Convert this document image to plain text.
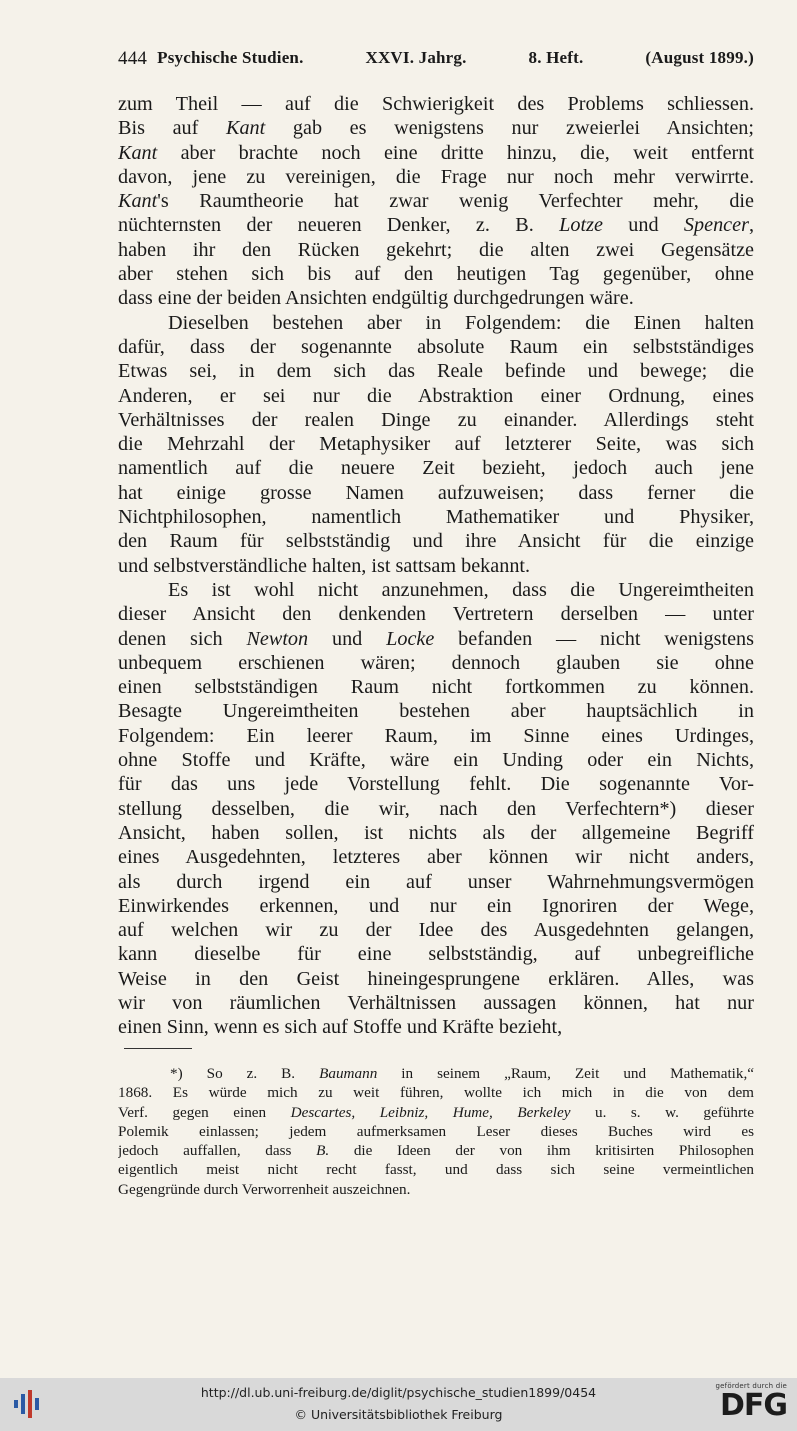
444 Psychische Studien.	XXVI. Jahrg.	8. Heft.	(August 1899.)
zum Theil — auf die Schwierigkeit des Problems schliessen.
Bis auf Kant gab es wenigstens nur zweierlei Ansichten;
Kant aber brachte noch eine dritte hinzu, die, weit entfernt
davon, jene zu vereinigen, die Frage nur noch mehr verwirrte.
Kant's Raumtheorie hat zwar wenig Verfechter mehr, die
nüchternsten der neueren Denker, z. B. Lotze und Spencer,
haben ihr den Rücken gekehrt; die alten zwei Gegensätze
aber stehen sich bis auf den heutigen Tag gegenüber, ohne
dass eine der beiden Ansichten endgültig durchgedrungen wäre.
Dieselben bestehen aber in Folgendem: die Einen halten
dafür, dass der sogenannte absolute Raum ein selbstständiges
Etwas sei, in dem sich das Reale befinde und bewege; die
Anderen, er sei nur die Abstraktion einer Ordnung, eines
Verhältnisses der realen Dinge zu einander. Allerdings steht
die Mehrzahl der Metaphysiker auf letzterer Seite, was sich
namentlich auf die neuere Zeit bezieht, jedoch auch jene
hat einige grosse Namen aufzuweisen; dass ferner die
Nichtphilosophen, namentlich Mathematiker und Physiker,
den Raum für selbstständig und ihre Ansicht für die einzige
und selbstverständliche halten, ist sattsam bekannt.
Es ist wohl nicht anzunehmen, dass die Ungereimtheiten
dieser Ansicht den denkenden Vertretern derselben — unter
denen sich Newton und Locke befanden — nicht wenigstens
unbequem erschienen wären; dennoch glauben sie ohne
einen selbstständigen Raum nicht fortkommen zu können.
Besagte Ungereimtheiten bestehen aber hauptsächlich in
Folgendem: Ein leerer Raum, im Sinne eines Urdinges,
ohne Stoffe und Kräfte, wäre ein Unding oder ein Nichts,
für das uns jede Vorstellung fehlt. Die sogenannte Vor-
stellung desselben, die wir, nach den Verfechtern*) dieser
Ansicht, haben sollen, ist nichts als der allgemeine Begriff
eines Ausgedehnten, letzteres aber können wir nicht anders,
als durch irgend ein auf unser Wahrnehmungsvermögen
Einwirkendes erkennen, und nur ein Ignoriren der Wege,
auf welchen wir zu der Idee des Ausgedehnten gelangen,
kann dieselbe für eine selbstständig, auf unbegreifliche
Weise in den Geist hineingesprungene erklären. Alles, was
wir von räumlichen Verhältnissen aussagen können, hat nur
einen Sinn, wenn es sich auf Stoffe und Kräfte bezieht,
*) So z. B. Baumann in seinem „Raum, Zeit und Mathematik,“
1868. Es würde mich zu weit führen, wollte ich mich in die von dem
Verf. gegen einen Descartes, Leibniz, Hume, Berkeley u. s. w. geführte
Polemik einlassen; jedem aufmerksamen Leser dieses Buches wird es
jedoch auffallen, dass B. die Ideen der von ihm kritisirten Philosophen
eigentlich meist nicht recht fasst, und dass sich seine vermeintlichen
Gegengründe durch Verworrenheit auszeichnen.
http://dl.ub.uni-freiburg.de/diglit/psychische_studien1899/0454
© Universitätsbibliothek Freiburg
gefördert durch die
DFG
